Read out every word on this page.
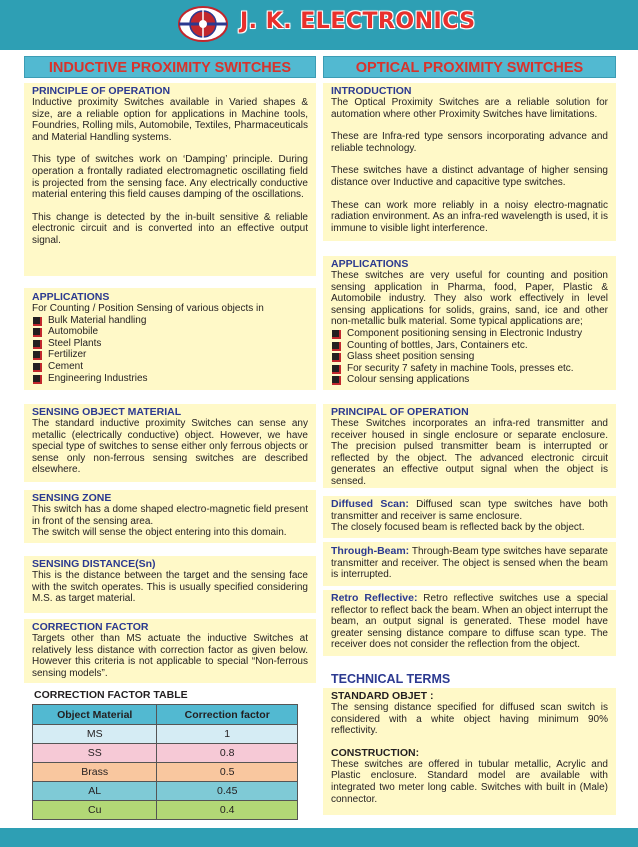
J. K. ELECTRONICS
INDUCTIVE PROXIMITY SWITCHES	OPTICAL PROXIMITY SWITCHES
PRINCIPLE OF OPERATION

Inductive proximity Switches available in Varied shapes & size, are a reliable option for applications in Machine tools, Foundries, Rolling mils, Automobile, Textiles, Pharmaceuticals and Material Handling systems.

This type of switches work on ‘Damping’ principle. During operation a frontally radiated electromagnetic oscillating field is projected from the sensing face. Any electrically conductive material entering this field causes damping of the oscillations.

This change is detected by the in-built sensitive & reliable electronic circuit and is converted into an effective output signal.

APPLICATIONS

For Counting / Position Sensing of various objects in

Bulk Material handling
Automobile
Steel Plants
Fertilizer
Cement
Engineering Industries
SENSING OBJECT MATERIAL

The standard inductive proximity Switches can sense any metallic (electrically conductive) object. However, we have special type of switches to sense either only ferrous objects or sense only non-ferrous sensing switches are described elsewhere.

SENSING ZONE

This switch has a dome shaped electro-magnetic field present in front of the sensing area.

The switch will sense the object entering into this domain.

SENSING DISTANCE(Sn)

This is the distance between the target and the sensing face with the switch operates. This is usually specified considering M.S. as target material.

CORRECTION FACTOR

Targets other than MS actuate the inductive Switches at relatively less distance with correction factor as given below. However this criteria is not applicable to special “Non-ferrous sensing models”.

CORRECTION FACTOR TABLE
Object Material	Correction factor
MS	1
SS	0.8
Brass	0.5
AL	0.45
Cu	0.4
INTRODUCTION

The Optical Proximity Switches are a reliable solution for automation where other Proximity Switches have limitations.

These are Infra-red type sensors incorporating advance and reliable technology.

These switches have a distinct advantage of higher sensing distance over Inductive and capacitive type switches.

These can work more reliably in a noisy electro-magnatic radiation environment. As an infra-red wavelength is used, it is immune to visible light interference.

APPLICATIONS

These switches are very useful for counting and position sensing application in Pharma, food, Paper, Plastic & Automobile industry. They also work effectively in level sensing applications for solids, grains, sand, ice and other non-metallic bulk material. Some typical applications are;

Component positioning sensing in Electronic Industry
Counting of bottles, Jars, Containers etc.
Glass sheet position sensing
For security 7 safety in machine Tools, presses etc.
Colour sensing applications
PRINCIPAL OF OPERATION

These Switches incorporates an infra-red transmitter and receiver housed in single enclosure or separate enclosure. The precision pulsed transmitter beam is interrupted or reflected by the object. The advanced electronic circuit generates an effective output signal when the object is sensed.

Diffused Scan: Diffused scan type switches have both transmitter and receiver is same enclosure.

The closely focused beam is reflected back by the object.

Through-Beam: Through-Beam type switches have separate transmitter and receiver. The object is sensed when the beam is interrupted.

Retro Reflective: Retro reflective switches use a special reflector to reflect back the beam. When an object interrupt the beam, an output signal is generated. These model have greater sensing distance compare to diffuse scan type. The receiver does not consider the reflection from the object.

TECHNICAL TERMS
STANDARD OBJET :

The sensing distance specified for diffused scan switch is considered with a white object having minimum 90% reflectivity.

CONSTRUCTION:

These switches are offered in tubular metallic, Acrylic and Plastic enclosure. Standard model are available with integrated two meter long cable. Switches with built in (Male) connector.
